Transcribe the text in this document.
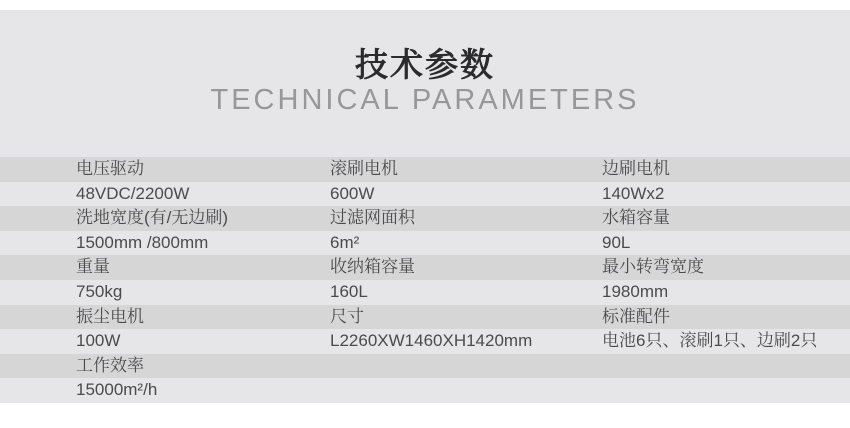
技术参数
TECHNICAL PARAMETERS
电压驱动	滚刷电机	边刷电机
48VDC/2200W	600W	140Wx2
洗地宽度(有/无边刷)	过滤网面积	水箱容量
1500mm /800mm	6m²	90L
重量	收纳箱容量	最小转弯宽度
750kg	160L	1980mm
振尘电机	尺寸	标准配件
100W	L2260XW1460XH1420mm	电池6只、滚刷1只、边刷2只
工作效率
15000m²/h
